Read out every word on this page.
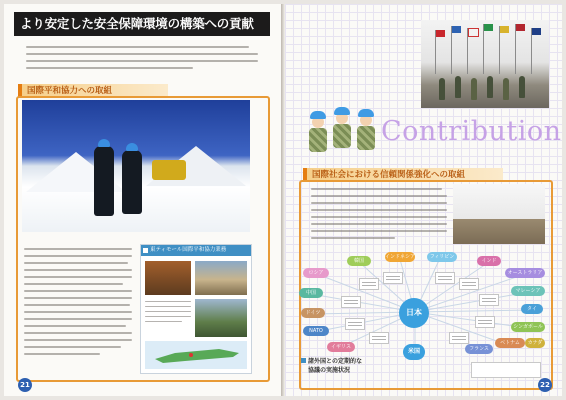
より安定した安全保障環境の構築への貢献
国際平和協力への取組
東ティモール国際平和協力業務
21
Contribution
国際社会における信頼関係強化への取組
ロシア
韓国
インドネシア	フィリピン
インド
中国
オーストラリア
マレーシア
タイ
ドイツ
シンガポール
ベトナム
NATO
イギリス	フランス
カナダ
日本
米国
諸外国との定期的な
協議の実施状況
22
